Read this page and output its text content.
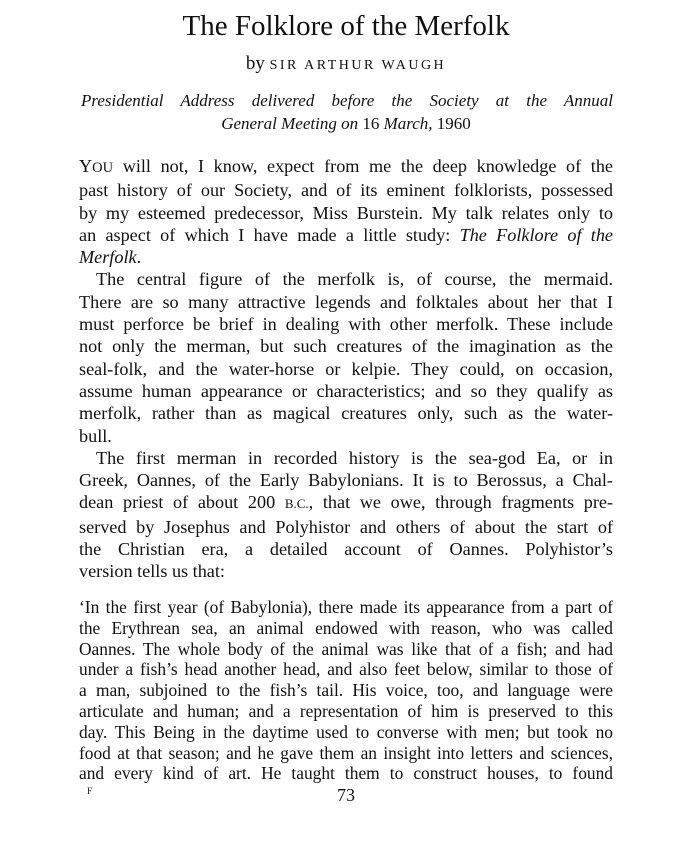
The Folklore of the Merfolk
by SIR ARTHUR WAUGH
Presidential Address delivered before the Society at the Annual
General Meeting on 16 March, 1960

YOU will not, I know, expect from me the deep knowledge of the
past history of our Society, and of its eminent folklorists, possessed
by my esteemed predecessor, Miss Burstein. My talk relates only to
an aspect of which I have made a little study: The Folklore of the
Merfolk.

The central figure of the merfolk is, of course, the mermaid.
There are so many attractive legends and folktales about her that I
must perforce be brief in dealing with other merfolk. These include
not only the merman, but such creatures of the imagination as the
seal-folk, and the water-horse or kelpie. They could, on occasion,
assume human appearance or characteristics; and so they qualify as
merfolk, rather than as magical creatures only, such as the water-
bull.

The first merman in recorded history is the sea-god Ea, or in
Greek, Oannes, of the Early Babylonians. It is to Berossus, a Chal-
dean priest of about 200 B.C., that we owe, through fragments pre-
served by Josephus and Polyhistor and others of about the start of
the Christian era, a detailed account of Oannes. Polyhistor’s
version tells us that:

‘In the first year (of Babylonia), there made its appearance from a part of
the Erythrean sea, an animal endowed with reason, who was called
Oannes. The whole body of the animal was like that of a fish; and had
under a fish’s head another head, and also feet below, similar to those of
a man, subjoined to the fish’s tail. His voice, too, and language were
articulate and human; and a representation of him is preserved to this
day. This Being in the daytime used to converse with men; but took no
food at that season; and he gave them an insight into letters and sciences,
and every kind of art. He taught them to construct houses, to found
F	73
